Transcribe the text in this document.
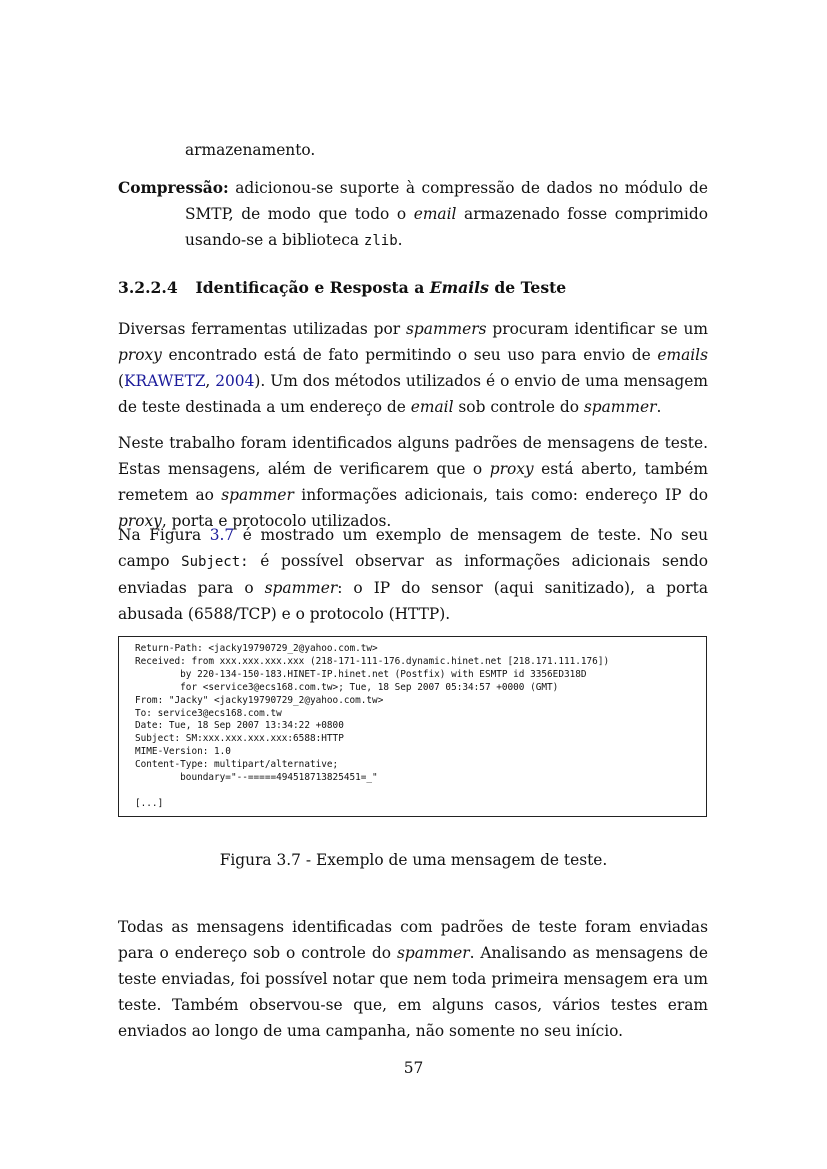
armazenamento.

Compressão: adicionou-se suporte à compressão de dados no módulo de SMTP, de modo que todo o email armazenado fosse comprimido usando-se a biblioteca zlib.

3.2.2.4 Identificação e Resposta a Emails de Teste

Diversas ferramentas utilizadas por spammers procuram identificar se um proxy encontrado está de fato permitindo o seu uso para envio de emails (KRAWETZ, 2004). Um dos métodos utilizados é o envio de uma mensagem de teste destinada a um endereço de email sob controle do spammer.

Neste trabalho foram identificados alguns padrões de mensagens de teste. Estas mensagens, além de verificarem que o proxy está aberto, também remetem ao spammer informações adicionais, tais como: endereço IP do proxy, porta e protocolo utilizados.

Na Figura 3.7 é mostrado um exemplo de mensagem de teste. No seu campo Subject: é possível observar as informações adicionais sendo enviadas para o spammer: o IP do sensor (aqui sanitizado), a porta abusada (6588/TCP) e o protocolo (HTTP).

Return-Path: <jacky19790729_2@yahoo.com.tw>
Received: from xxx.xxx.xxx.xxx (218-171-111-176.dynamic.hinet.net [218.171.111.176])
by 220-134-150-183.HINET-IP.hinet.net (Postfix) with ESMTP id 3356ED318D
for <service3@ecs168.com.tw>; Tue, 18 Sep 2007 05:34:57 +0000 (GMT)
From: "Jacky" <jacky19790729_2@yahoo.com.tw>
To: service3@ecs168.com.tw
Date: Tue, 18 Sep 2007 13:34:22 +0800
Subject: SM:xxx.xxx.xxx.xxx:6588:HTTP
MIME-Version: 1.0
Content-Type: multipart/alternative;
boundary="--=====494518713825451=_"

[...]

Figura 3.7 - Exemplo de uma mensagem de teste.

Todas as mensagens identificadas com padrões de teste foram enviadas para o endereço sob o controle do spammer. Analisando as mensagens de teste enviadas, foi possível notar que nem toda primeira mensagem era um teste. Também observou-se que, em alguns casos, vários testes eram enviados ao longo de uma campanha, não somente no seu início.

57
